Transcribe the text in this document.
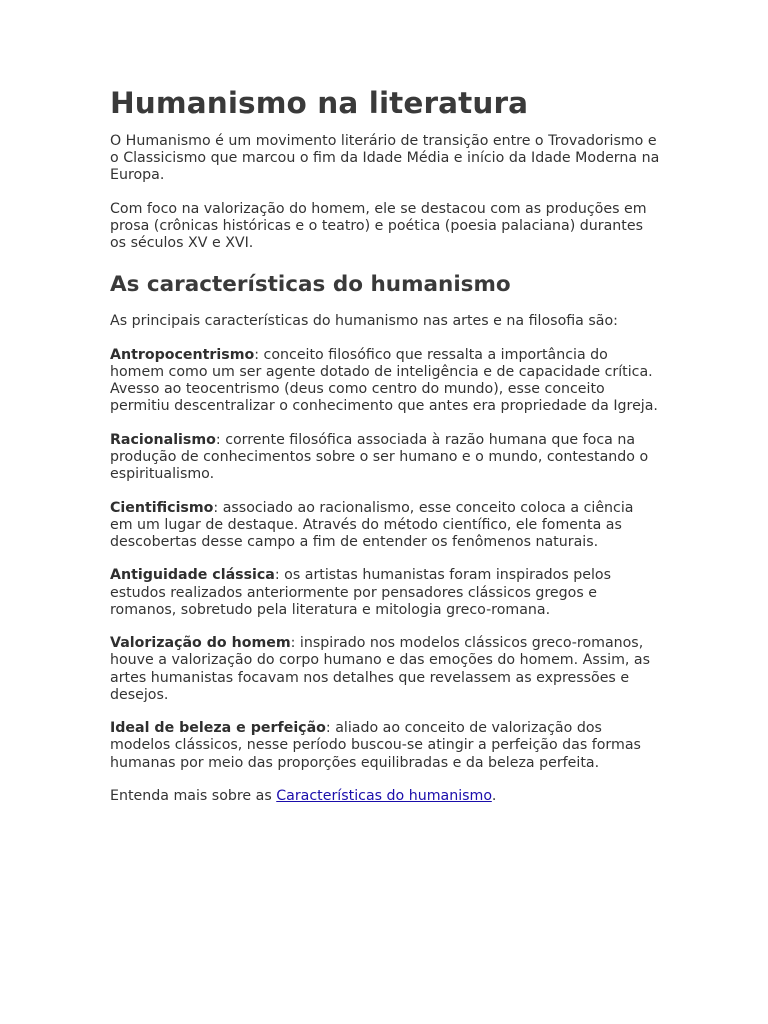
Humanismo na literatura

O Humanismo é um movimento literário de transição entre o Trovadorismo e o Classicismo que marcou o fim da Idade Média e início da Idade Moderna na Europa.

Com foco na valorização do homem, ele se destacou com as produções em prosa (crônicas históricas e o teatro) e poética (poesia palaciana) durantes os séculos XV e XVI.

As características do humanismo

As principais características do humanismo nas artes e na filosofia são:

Antropocentrismo: conceito filosófico que ressalta a importância do homem como um ser agente dotado de inteligência e de capacidade crítica. Avesso ao teocentrismo (deus como centro do mundo), esse conceito permitiu descentralizar o conhecimento que antes era propriedade da Igreja.

Racionalismo: corrente filosófica associada à razão humana que foca na produção de conhecimentos sobre o ser humano e o mundo, contestando o espiritualismo.

Cientificismo: associado ao racionalismo, esse conceito coloca a ciência em um lugar de destaque. Através do método científico, ele fomenta as descobertas desse campo a fim de entender os fenômenos naturais.

Antiguidade clássica: os artistas humanistas foram inspirados pelos estudos realizados anteriormente por pensadores clássicos gregos e romanos, sobretudo pela literatura e mitologia greco-romana.

Valorização do homem: inspirado nos modelos clássicos greco-romanos, houve a valorização do corpo humano e das emoções do homem. Assim, as artes humanistas focavam nos detalhes que revelassem as expressões e desejos.

Ideal de beleza e perfeição: aliado ao conceito de valorização dos modelos clássicos, nesse período buscou-se atingir a perfeição das formas humanas por meio das proporções equilibradas e da beleza perfeita.

Entenda mais sobre as Características do humanismo.
